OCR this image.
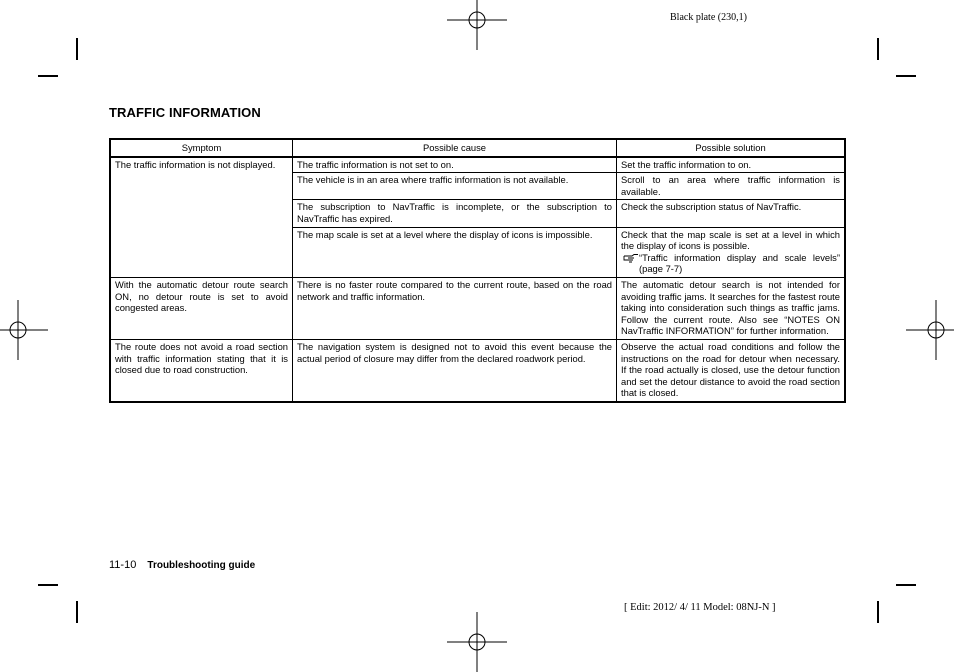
Black plate (230,1)
TRAFFIC INFORMATION
Symptom	Possible cause	Possible solution
The traffic information is not displayed.	The traffic information is not set to on.	Set the traffic information to on.
	The vehicle is in an area where traffic information is not available.	Scroll to an area where traffic information is available.
	The subscription to NavTraffic is incomplete, or the subscription to NavTraffic has expired.	Check the subscription status of NavTraffic.
	The map scale is set at a level where the display of icons is impossible.	Check that the map scale is set at a level in which the display of icons is possible.
“Traffic information display and scale levels” (page 7-7)

With the automatic detour route search ON, no detour route is set to avoid congested areas.	There is no faster route compared to the current route, based on the road network and traffic information.	The automatic detour search is not intended for avoiding traffic jams. It searches for the fastest route taking into consideration such things as traffic jams. Follow the current route. Also see “NOTES ON NavTraffic INFORMATION” for further information.
The route does not avoid a road section with traffic information stating that it is closed due to road construction.	The navigation system is designed not to avoid this event because the actual period of closure may differ from the declared roadwork period.	Observe the actual road conditions and follow the instructions on the road for detour when necessary. If the road actually is closed, use the detour function and set the detour distance to avoid the road section that is closed.
11-10 Troubleshooting guide
[ Edit: 2012/ 4/ 11 Model: 08NJ-N ]
